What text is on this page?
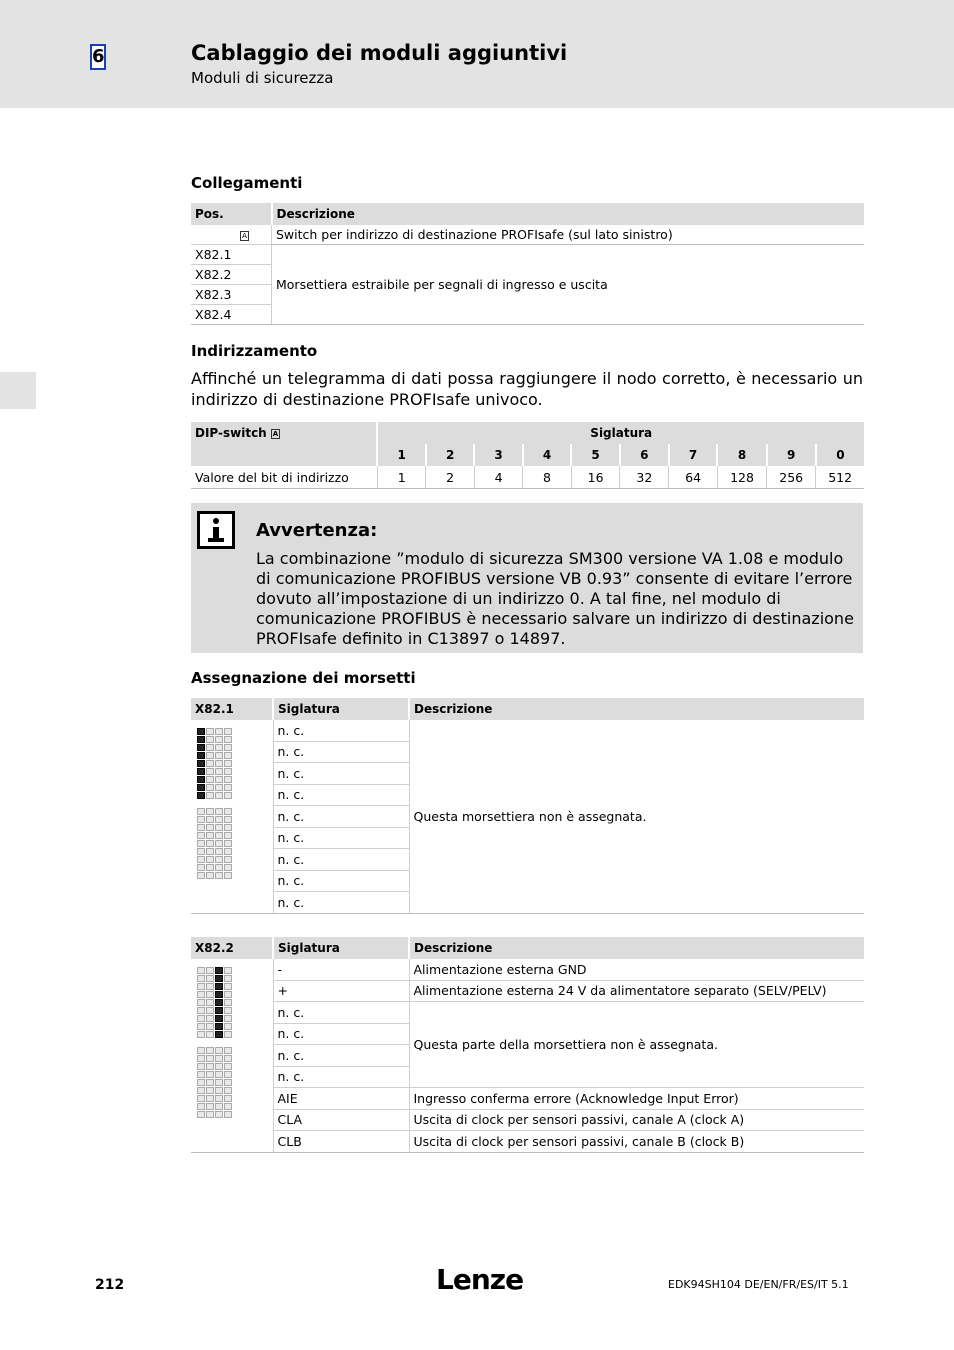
6	Cablaggio dei moduli aggiuntivi
Moduli di sicurezza
Collegamenti
Pos.	Descrizione
A	Switch per indirizzo di destinazione PROFIsafe (sul lato sinistro)
X82.1	Morsettiera estraibile per segnali di ingresso e uscita
X82.2	
X82.3	
X82.4	
Indirizzamento
Affinché un telegramma di dati possa raggiungere il nodo corretto, è necessario un indirizzo di destinazione PROFIsafe univoco.
DIP-switch A	Siglatura									
	1	2	3	4	5	6	7	8	9	0
Valore del bit di indirizzo	1	2	4	8	16	32	64	128	256	512
Avvertenza:
La combinazione ”modulo di sicurezza SM300 versione VA 1.08 e modulo di comunicazione PROFIBUS versione VB 0.93” consente di evitare l’errore dovuto all’impostazione di un indirizzo 0. A tal fine, nel modulo di comunicazione PROFIBUS è necessario salvare un indirizzo di destinazione PROFIsafe definito in C13897 o 14897.
Assegnazione dei morsetti
X82.1	Siglatura	Descrizione

	n. c.	Questa morsettiera non è assegnata.
	n. c.	
	n. c.	
	n. c.	
	n. c.	
	n. c.	
	n. c.	
	n. c.	
	n. c.	
X82.2	Siglatura	Descrizione

	-	Alimentazione esterna GND
	+	Alimentazione esterna 24 V da alimentatore separato (SELV/PELV)
	n. c.	Questa parte della morsettiera non è assegnata.
	n. c.	
	n. c.	
	n. c.	
	AIE	Ingresso conferma errore (Acknowledge Input Error)
	CLA	Uscita di clock per sensori passivi, canale A (clock A)
	CLB	Uscita di clock per sensori passivi, canale B (clock B)
212	Lenze	EDK94SH104 DE/EN/FR/ES/IT 5.1
